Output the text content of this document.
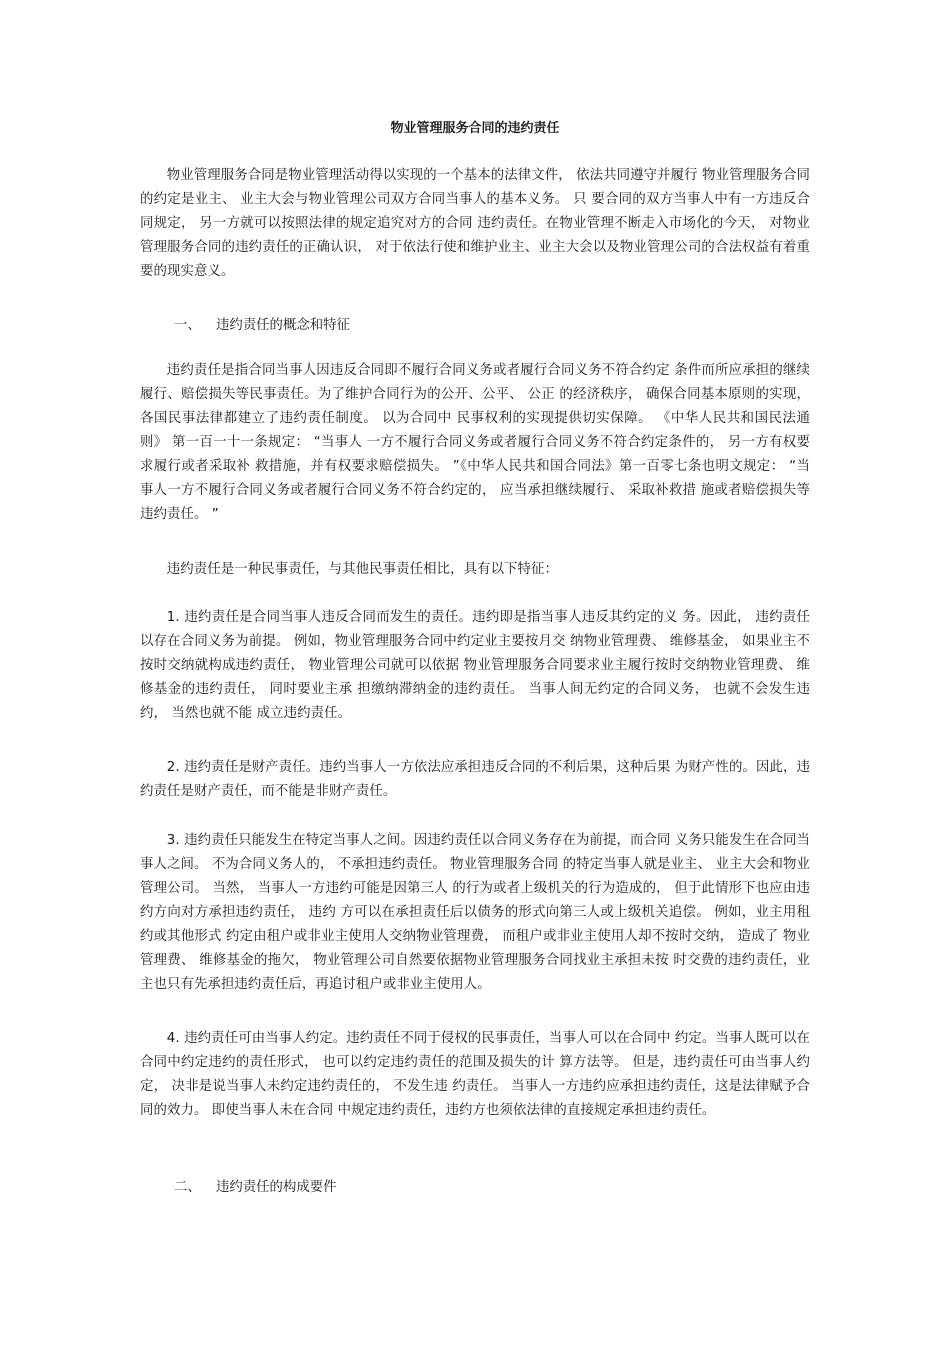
物业管理服务合同的违约责任

物业管理服务合同是物业管理活动得以实现的一个基本的法律文件， 依法共同遵守并履行 物业管理服务合同的约定是业主、 业主大会与物业管理公司双方合同当事人的基本义务。 只 要合同的双方当事人中有一方违反合同规定， 另一方就可以按照法律的规定追究对方的合同 违约责任。在物业管理不断走入市场化的今天， 对物业管理服务合同的违约责任的正确认识， 对于依法行使和维护业主、业主大会以及物业管理公司的合法权益有着重要的现实意义。

一、 违约责任的概念和特征

违约责任是指合同当事人因违反合同即不履行合同义务或者履行合同义务不符合约定 条件而所应承担的继续履行、赔偿损失等民事责任。为了维护合同行为的公开、公平、 公正 的经济秩序， 确保合同基本原则的实现， 各国民事法律都建立了违约责任制度。 以为合同中 民事权利的实现提供切实保障。 《中华人民共和国民法通则》 第一百一十一条规定： “当事人 一方不履行合同义务或者履行合同义务不符合约定条件的， 另一方有权要求履行或者采取补 救措施，并有权要求赔偿损失。 ”《中华人民共和国合同法》第一百零七条也明文规定： “当 事人一方不履行合同义务或者履行合同义务不符合约定的， 应当承担继续履行、 采取补救措 施或者赔偿损失等违约责任。 ”

违约责任是一种民事责任，与其他民事责任相比，具有以下特征：

1. 违约责任是合同当事人违反合同而发生的责任。违约即是指当事人违反其约定的义 务。因此， 违约责任以存在合同义务为前提。 例如，物业管理服务合同中约定业主要按月交 纳物业管理费、 维修基金， 如果业主不按时交纳就构成违约责任， 物业管理公司就可以依据 物业管理服务合同要求业主履行按时交纳物业管理费、 维修基金的违约责任， 同时要业主承 担缴纳滞纳金的违约责任。 当事人间无约定的合同义务， 也就不会发生违约， 当然也就不能 成立违约责任。

2. 违约责任是财产责任。违约当事人一方依法应承担违反合同的不利后果，这种后果 为财产性的。因此，违约责任是财产责任，而不能是非财产责任。

3. 违约责任只能发生在特定当事人之间。因违约责任以合同义务存在为前提，而合同 义务只能发生在合同当事人之间。 不为合同义务人的， 不承担违约责任。 物业管理服务合同 的特定当事人就是业主、 业主大会和物业管理公司。 当然， 当事人一方违约可能是因第三人 的行为或者上级机关的行为造成的， 但于此情形下也应由违约方向对方承担违约责任， 违约 方可以在承担责任后以债务的形式向第三人或上级机关追偿。 例如，业主用租约或其他形式 约定由租户或非业主使用人交纳物业管理费， 而租户或非业主使用人却不按时交纳， 造成了 物业管理费、 维修基金的拖欠， 物业管理公司自然要依据物业管理服务合同找业主承担未按 时交费的违约责任，业主也只有先承担违约责任后，再追讨租户或非业主使用人。

4. 违约责任可由当事人约定。违约责任不同于侵权的民事责任，当事人可以在合同中 约定。当事人既可以在合同中约定违约的责任形式， 也可以约定违约责任的范围及损失的计 算方法等。 但是，违约责任可由当事人约定， 决非是说当事人未约定违约责任的， 不发生违 约责任。 当事人一方违约应承担违约责任，这是法律赋予合同的效力。 即使当事人未在合同 中规定违约责任，违约方也须依法律的直接规定承担违约责任。

二、 违约责任的构成要件
